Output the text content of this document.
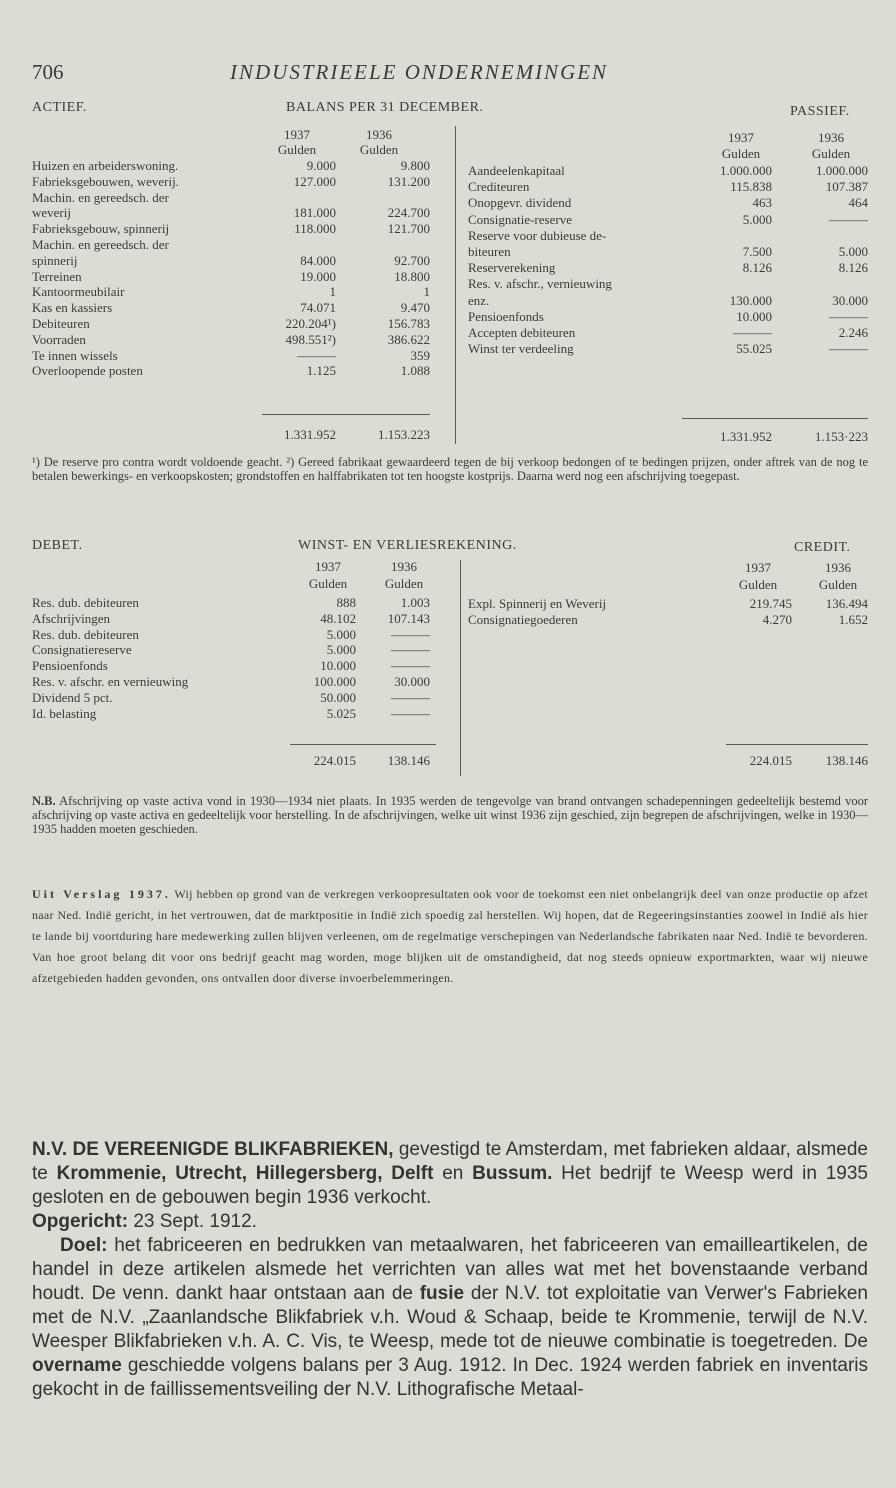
706	INDUSTRIEELE ONDERNEMINGEN
ACTIEF.	BALANS PER 31 DECEMBER.	PASSIEF.
1937	1936
Gulden	Gulden
1937	1936
Gulden	Gulden
Huizen en arbeiderswoning.	9.000	9.800
Fabrieksgebouwen, weverij.	127.000	131.200
Machin. en gereedsch. der
weverij	181.000	224.700
Fabrieksgebouw, spinnerij	118.000	121.700
Machin. en gereedsch. der
spinnerij	84.000	92.700
Terreinen	19.000	18.800
Kantoormeubilair	1	1
Kas en kassiers	74.071	9.470
Debiteuren	220.204¹)	156.783
Voorraden	498.551²)	386.622
Te innen wissels	———	359
Overloopende posten	1.125	1.088
Aandeelenkapitaal	1.000.000	1.000.000
Crediteuren	115.838	107.387
Onopgevr. dividend	463	464
Consignatie-reserve	5.000	———
Reserve voor dubieuse de-
biteuren	7.500	5.000
Reserverekening	8.126	8.126
Res. v. afschr., vernieuwing
enz.	130.000	30.000
Pensioenfonds	10.000	———
Accepten debiteuren	———	2.246
Winst ter verdeeling	55.025	———
1.331.952	1.153.223	1.331.952	1.153·223
¹) De reserve pro contra wordt voldoende geacht. ²) Gereed fabrikaat gewaardeerd tegen de bij verkoop bedongen of te bedingen prijzen, onder aftrek van de nog te betalen bewerkings- en verkoopskosten; grondstoffen en halffabrikaten tot ten hoogste kostprijs. Daarna werd nog een afschrijving toegepast.
DEBET.	WINST- EN VERLIESREKENING.	CREDIT.
1937	1936
Gulden	Gulden
1937	1936
Gulden	Gulden
Res. dub. debiteuren	888	1.003
Afschrijvingen	48.102	107.143
Res. dub. debiteuren	5.000	———
Consignatiereserve	5.000	———
Pensioenfonds	10.000	———
Res. v. afschr. en vernieuwing	100.000	30.000
Dividend 5 pct.	50.000	———
Id. belasting	5.025	———
Expl. Spinnerij en Weverij	219.745	136.494
Consignatiegoederen	4.270	1.652
224.015	138.146	224.015	138.146
N.B. Afschrijving op vaste activa vond in 1930—1934 niet plaats. In 1935 werden de tengevolge van brand ontvangen schadepenningen gedeeltelijk bestemd voor afschrijving op vaste activa en gedeeltelijk voor herstelling. In de afschrijvingen, welke uit winst 1936 zijn geschied, zijn begrepen de afschrijvingen, welke in 1930—1935 hadden moeten geschieden.
Uit Verslag 1937. Wij hebben op grond van de verkregen verkoopresultaten ook voor de toekomst een niet onbelangrijk deel van onze productie op afzet naar Ned. Indië gericht, in het vertrouwen, dat de marktpositie in Indië zich spoedig zal herstellen. Wij hopen, dat de Regeeringsinstanties zoowel in Indië als hier te lande bij voortduring hare medewerking zullen blijven verleenen, om de regelmatige verschepingen van Nederlandsche fabrikaten naar Ned. Indië te bevorderen. Van hoe groot belang dit voor ons bedrijf geacht mag worden, moge blijken uit de omstandigheid, dat nog steeds opnieuw exportmarkten, waar wij nieuwe afzetgebieden hadden gevonden, ons ontvallen door diverse invoerbelemmeringen.
N.V. DE VEREENIGDE BLIKFABRIEKEN, gevestigd te Amsterdam, met fabrieken aldaar, alsmede te Krommenie, Utrecht, Hillegersberg, Delft en Bussum. Het bedrijf te Weesp werd in 1935 gesloten en de gebouwen begin 1936 verkocht.
Opgericht: 23 Sept. 1912.
Doel: het fabriceeren en bedrukken van metaalwaren, het fabriceeren van emailleartikelen, de handel in deze artikelen alsmede het verrichten van alles wat met het bovenstaande verband houdt. De venn. dankt haar ontstaan aan de fusie der N.V. tot exploitatie van Verwer's Fabrieken met de N.V. „Zaanlandsche Blikfabriek v.h. Woud & Schaap, beide te Krommenie, terwijl de N.V. Weesper Blikfabrieken v.h. A. C. Vis, te Weesp, mede tot de nieuwe combinatie is toegetreden. De overname geschiedde volgens balans per 3 Aug. 1912. In Dec. 1924 werden fabriek en inventaris gekocht in de faillissementsveiling der N.V. Lithografische Metaal-
